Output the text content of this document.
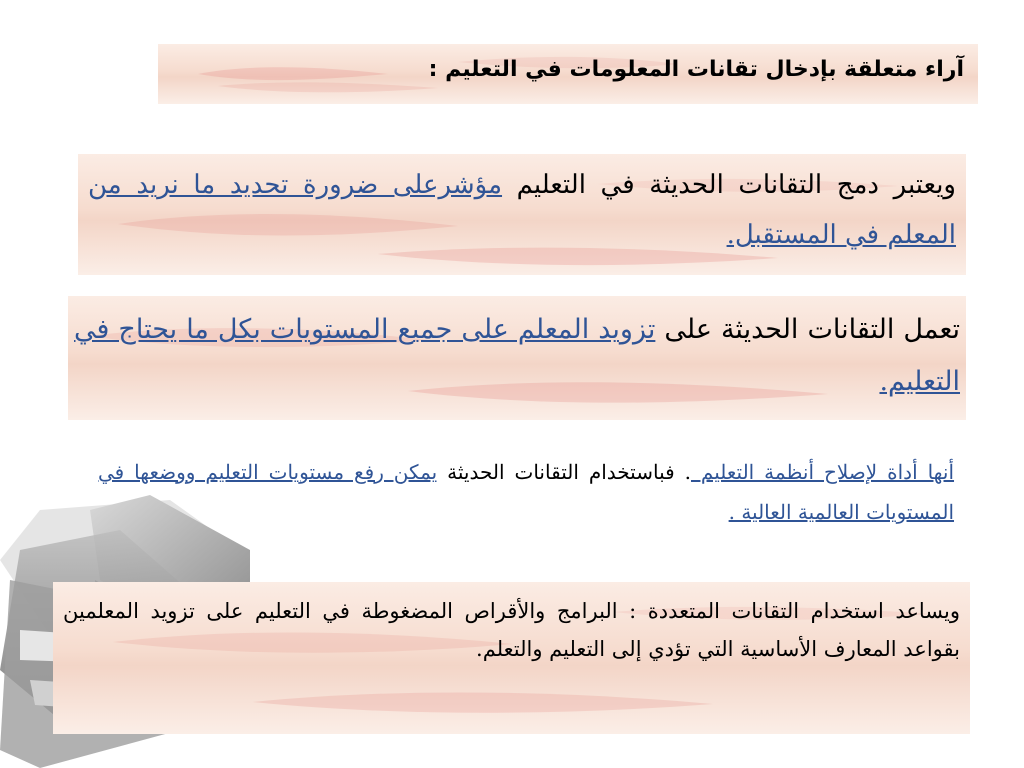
آراء متعلقة بإدخال تقانات المعلومات في التعليم :
ويعتبر دمج التقانات الحديثة في التعليم مؤشرعلى ضرورة تحديد ما نريد من المعلم في المستقبل.
تعمل التقانات الحديثة على تزويد المعلم على جميع المستويات بكل ما يحتاج في التعليم.
أنها أداة لإصلاح أنظمة التعليم . فباستخدام التقانات الحديثة يمكن رفع مستويات التعليم ووضعها في المستويات العالمية العالية .
ويساعد استخدام التقانات المتعددة : البرامج والأقراص المضغوطة في التعليم على تزويد المعلمين بقواعد المعارف الأساسية التي تؤدي إلى التعليم والتعلم.
